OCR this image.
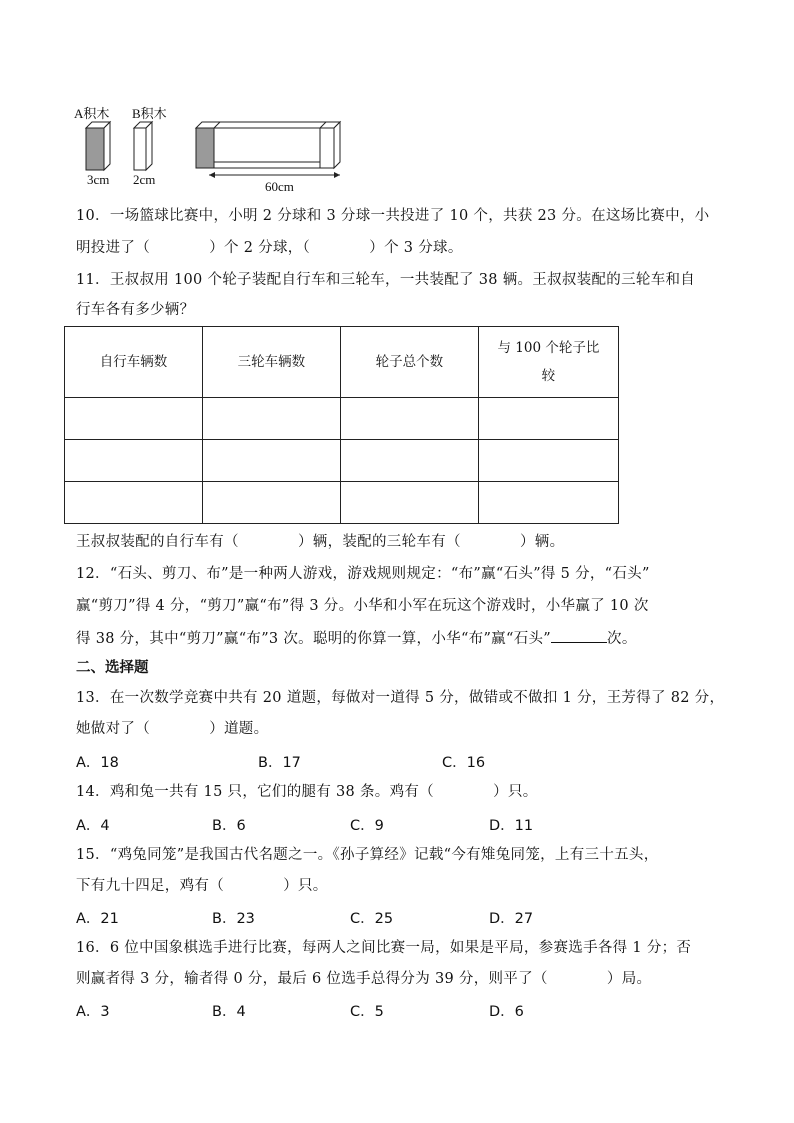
A积木 B积木
3cm 2cm	60cm
10．一场篮球比赛中，小明 2 分球和 3 分球一共投进了 10 个，共获 23 分。在这场比赛中，小
明投进了（　　　　）个 2 分球，（　　　　）个 3 分球。
11．王叔叔用 100 个轮子装配自行车和三轮车，一共装配了 38 辆。王叔叔装配的三轮车和自
行车各有多少辆？
自行车辆数	三轮车辆数	轮子总个数	与 100 个轮子比较

王叔叔装配的自行车有（　　　　）辆，装配的三轮车有（　　　　）辆。
12．“石头、剪刀、布”是一种两人游戏，游戏规则规定：“布”赢“石头”得 5 分，“石头”
赢“剪刀”得 4 分，“剪刀”赢“布”得 3 分。小华和小军在玩这个游戏时，小华赢了 10 次
得 38 分，其中“剪刀”赢“布”3 次。聪明的你算一算，小华“布”赢“石头”	次。
二、选择题
13．在一次数学竞赛中共有 20 道题，每做对一道得 5 分，做错或不做扣 1 分，王芳得了 82 分，
她做对了（　　　　）道题。
A．18	B．17	C．16
14．鸡和兔一共有 15 只，它们的腿有 38 条。鸡有（　　　　）只。
A．4	B．6	C．9	D．11
15．“鸡兔同笼”是我国古代名题之一。《孙子算经》记载“今有雉兔同笼，上有三十五头，
下有九十四足，鸡有（　　　　）只。
A．21	B．23	C．25	D．27
16．6 位中国象棋选手进行比赛，每两人之间比赛一局，如果是平局，参赛选手各得 1 分；否
则赢者得 3 分，输者得 0 分，最后 6 位选手总得分为 39 分，则平了（　　　　）局。
A．3	B．4	C．5	D．6
